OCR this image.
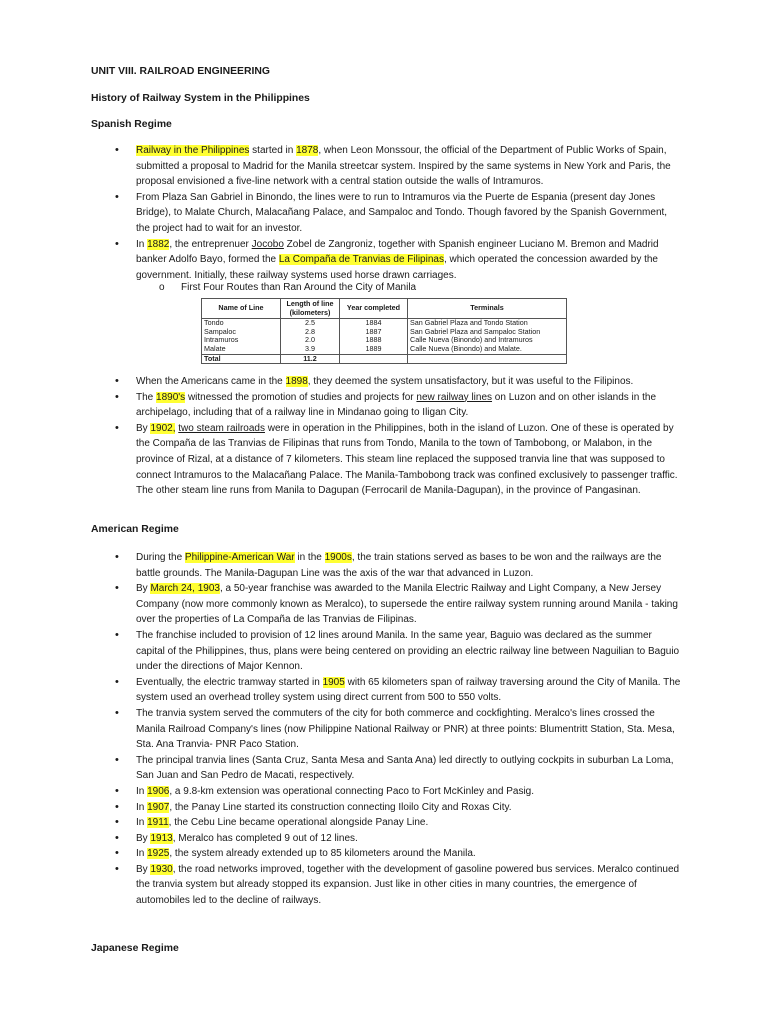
UNIT VIII. RAILROAD ENGINEERING
History of Railway System in the Philippines
Spanish Regime
• Railway in the Philippines started in 1878, when Leon Monssour, the official of the Department of Public Works of Spain, submitted a proposal to Madrid for the Manila streetcar system. Inspired by the same systems in New York and Paris, the proposal envisioned a five-line network with a central station outside the walls of Intramuros.
• From Plaza San Gabriel in Binondo, the lines were to run to Intramuros via the Puerte de Espania (present day Jones Bridge), to Malate Church, Malacañang Palace, and Sampaloc and Tondo. Though favored by the Spanish Government, the project had to wait for an investor.
• In 1882, the entreprenuer Jocobo Zobel de Zangroniz, together with Spanish engineer Luciano M. Bremon and Madrid banker Adolfo Bayo, formed the La Compaña de Tranvias de Filipinas, which operated the concession awarded by the government. Initially, these railway systems used horse drawn carriages.
o First Four Routes than Ran Around the City of Manila
Name of Line	Length of line (kilometers)	Year completed	Terminals
Tondo	2.5	1884	San Gabriel Plaza and Tondo Station
Sampaloc	2.8	1887	San Gabriel Plaza and Sampaloc Station
Intramuros	2.0	1888	Calle Nueva (Binondo) and Intramuros
Malate	3.9	1889	Calle Nueva (Binondo) and Malate.
Total	11.2		
• When the Americans came in the 1898, they deemed the system unsatisfactory, but it was useful to the Filipinos.
• The 1890's witnessed the promotion of studies and projects for new railway lines on Luzon and on other islands in the archipelago, including that of a railway line in Mindanao going to Iligan City.
• By 1902, two steam railroads were in operation in the Philippines, both in the island of Luzon. One of these is operated by the Compaña de las Tranvias de Filipinas that runs from Tondo, Manila to the town of Tambobong, or Malabon, in the province of Rizal, at a distance of 7 kilometers. This steam line replaced the supposed tranvia line that was supposed to connect Intramuros to the Malacañang Palace. The Manila-Tambobong track was confined exclusively to passenger traffic. The other steam line runs from Manila to Dagupan (Ferrocaril de Manila-Dagupan), in the province of Pangasinan.
American Regime
• During the Philippine-American War in the 1900s, the train stations served as bases to be won and the railways are the battle grounds. The Manila-Dagupan Line was the axis of the war that advanced in Luzon.
• By March 24, 1903, a 50-year franchise was awarded to the Manila Electric Railway and Light Company, a New Jersey Company (now more commonly known as Meralco), to supersede the entire railway system running around Manila - taking over the properties of La Compaña de las Tranvias de Filipinas.
• The franchise included to provision of 12 lines around Manila. In the same year, Baguio was declared as the summer capital of the Philippines, thus, plans were being centered on providing an electric railway line between Naguilian to Baguio under the directions of Major Kennon.
• Eventually, the electric tramway started in 1905 with 65 kilometers span of railway traversing around the City of Manila. The system used an overhead trolley system using direct current from 500 to 550 volts.
• The tranvia system served the commuters of the city for both commerce and cockfighting. Meralco's lines crossed the Manila Railroad Company's lines (now Philippine National Railway or PNR) at three points: Blumentritt Station, Sta. Mesa, Sta. Ana Tranvia- PNR Paco Station.
• The principal tranvia lines (Santa Cruz, Santa Mesa and Santa Ana) led directly to outlying cockpits in suburban La Loma, San Juan and San Pedro de Macati, respectively.
• In 1906, a 9.8-km extension was operational connecting Paco to Fort McKinley and Pasig.
• In 1907, the Panay Line started its construction connecting Iloilo City and Roxas City.
• In 1911, the Cebu Line became operational alongside Panay Line.
• By 1913, Meralco has completed 9 out of 12 lines.
• In 1925, the system already extended up to 85 kilometers around the Manila.
• By 1930, the road networks improved, together with the development of gasoline powered bus services. Meralco continued the tranvia system but already stopped its expansion. Just like in other cities in many countries, the emergence of automobiles led to the decline of railways.
Japanese Regime
